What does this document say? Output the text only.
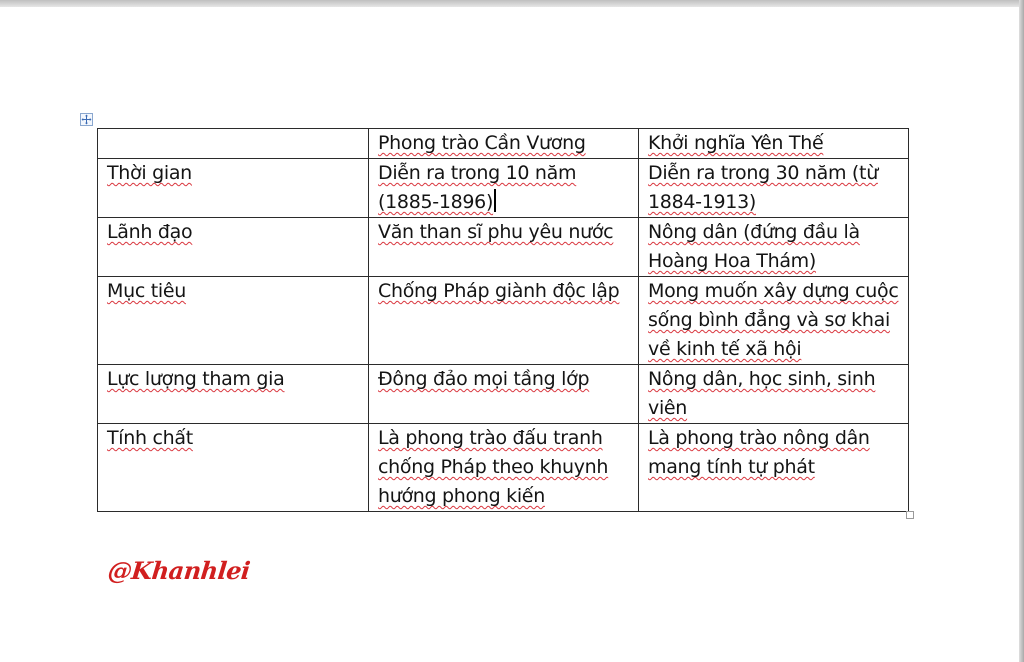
	Phong trào Cần Vương	Khởi nghĩa Yên Thế
Thời gian	Diễn ra trong 10 năm (1885-1896)	Diễn ra trong 30 năm (từ 1884-1913)
Lãnh đạo	Văn than sĩ phu yêu nước	Nông dân (đứng đầu là Hoàng Hoa Thám)
Mục tiêu	Chống Pháp giành độc lập	Mong muốn xây dựng cuộc sống bình đẳng và sơ khai về kinh tế xã hội
Lực lượng tham gia	Đông đảo mọi tầng lớp	Nông dân, học sinh, sinh viên
Tính chất	Là phong trào đấu tranh chống Pháp theo khuynh hướng phong kiến	Là phong trào nông dân mang tính tự phát
@Khanhlei
